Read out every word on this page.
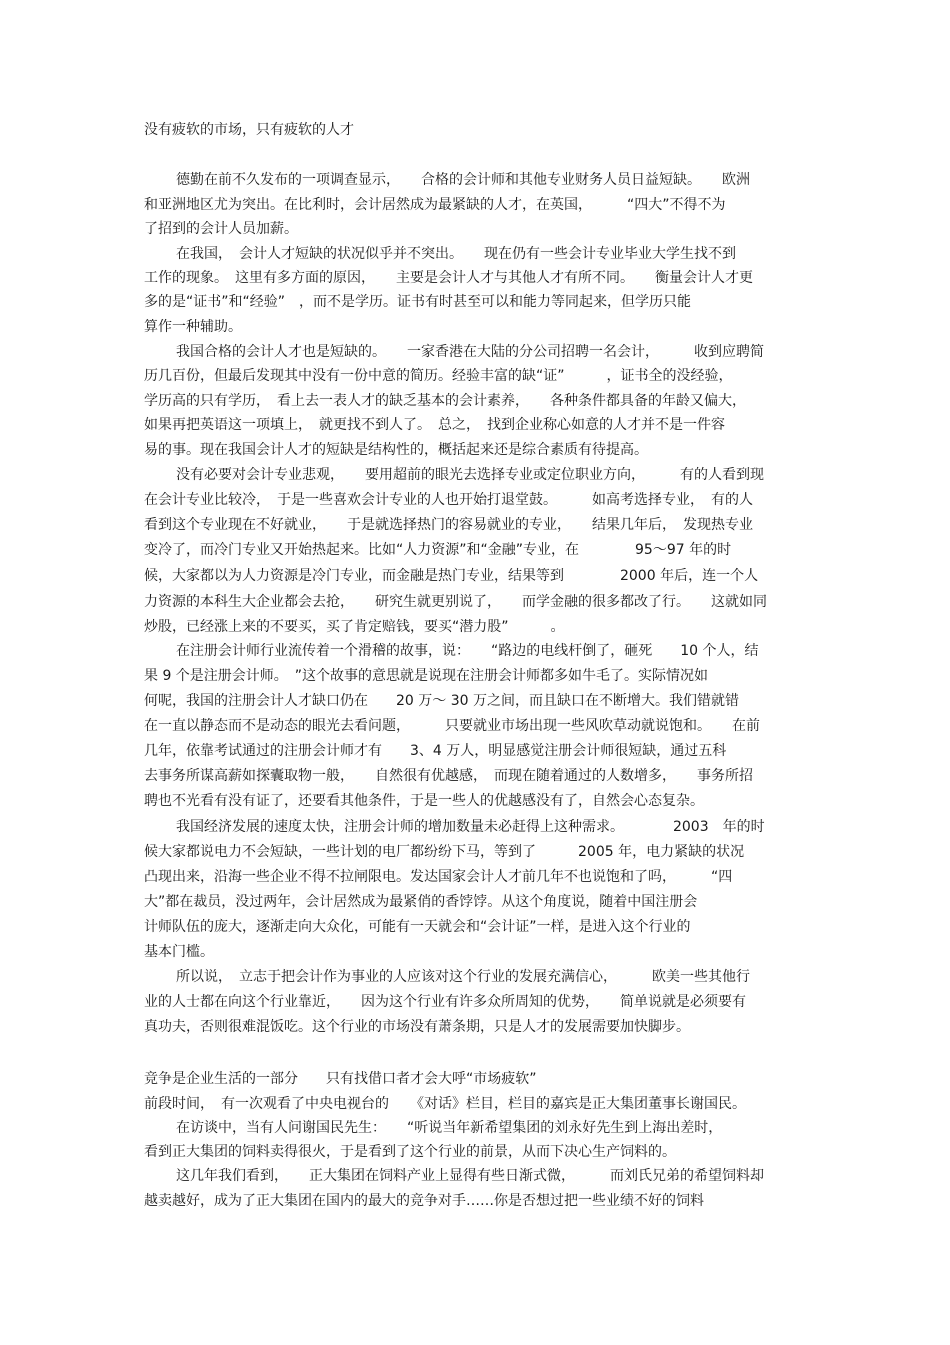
没有疲软的市场，只有疲软的人才
德勤在前不久发布的一项调查显示，　　合格的会计师和其他专业财务人员日益短缺。　　欧洲
和亚洲地区尤为突出。在比利时，会计居然成为最紧缺的人才，在英国，　　　“四大”不得不为
了招到的会计人员加薪。
在我国，　会计人才短缺的状况似乎并不突出。　　现在仍有一些会计专业毕业大学生找不到
工作的现象。　这里有多方面的原因，　　主要是会计人才与其他人才有所不同。　　衡量会计人才更
多的是“证书”和“经验”　，而不是学历。证书有时甚至可以和能力等同起来，但学历只能
算作一种辅助。
我国合格的会计人才也是短缺的。　　一家香港在大陆的分公司招聘一名会计，　　　收到应聘简
历几百份，但最后发现其中没有一份中意的简历。经验丰富的缺“证”　　　，证书全的没经验，
学历高的只有学历，　看上去一表人才的缺乏基本的会计素养，　　各种条件都具备的年龄又偏大，
如果再把英语这一项填上，　就更找不到人了。　总之，　找到企业称心如意的人才并不是一件容
易的事。现在我国会计人才的短缺是结构性的，概括起来还是综合素质有待提高。
没有必要对会计专业悲观，　　要用超前的眼光去选择专业或定位职业方向，　　　有的人看到现
在会计专业比较冷，　于是一些喜欢会计专业的人也开始打退堂鼓。　　　如高考选择专业，　有的人
看到这个专业现在不好就业，　　于是就选择热门的容易就业的专业，　　结果几年后，　发现热专业
变冷了，而冷门专业又开始热起来。比如“人力资源”和“金融”专业，在　　　　95～97 年的时
候，大家都以为人力资源是冷门专业，而金融是热门专业，结果等到　　　　2000 年后，连一个人
力资源的本科生大企业都会去抢，　　研究生就更别说了，　　而学金融的很多都改了行。　　这就如同
炒股，已经涨上来的不要买，买了肯定赔钱，要买“潜力股”　　　。
在注册会计师行业流传着一个滑稽的故事，说：　　“路边的电线杆倒了，砸死　　10 个人，结
果 9 个是注册会计师。　”这个故事的意思就是说现在注册会计师都多如牛毛了。实际情况如
何呢，我国的注册会计人才缺口仍在　　20 万～ 30 万之间，而且缺口在不断增大。我们错就错
在一直以静态而不是动态的眼光去看问题，　　　只要就业市场出现一些风吹草动就说饱和。　　在前
几年，依靠考试通过的注册会计师才有　　3、4 万人，明显感觉注册会计师很短缺，通过五科
去事务所谋高薪如探囊取物一般，　　自然很有优越感，　而现在随着通过的人数增多，　　事务所招
聘也不光看有没有证了，还要看其他条件，于是一些人的优越感没有了，自然会心态复杂。
我国经济发展的速度太快，注册会计师的增加数量未必赶得上这种需求。　　　　2003　年的时
候大家都说电力不会短缺，一些计划的电厂都纷纷下马，等到了　　　2005 年，电力紧缺的状况
凸现出来，沿海一些企业不得不拉闸限电。发达国家会计人才前几年不也说饱和了吗，　　　“四
大”都在裁员，没过两年，会计居然成为最紧俏的香饽饽。从这个角度说，随着中国注册会
计师队伍的庞大，逐渐走向大众化，可能有一天就会和“会计证”一样，是进入这个行业的
基本门槛。
所以说，　立志于把会计作为事业的人应该对这个行业的发展充满信心，　　　欧美一些其他行
业的人士都在向这个行业靠近，　　因为这个行业有许多众所周知的优势，　　简单说就是必须要有
真功夫，否则很难混饭吃。这个行业的市场没有萧条期，只是人才的发展需要加快脚步。
竞争是企业生活的一部分　　只有找借口者才会大呼“市场疲软”
前段时间，　有一次观看了中央电视台的　　《对话》栏目，栏目的嘉宾是正大集团董事长谢国民。
在访谈中，当有人问谢国民先生：　　“听说当年新希望集团的刘永好先生到上海出差时，
看到正大集团的饲料卖得很火，于是看到了这个行业的前景，从而下决心生产饲料的。
这几年我们看到，　　正大集团在饲料产业上显得有些日渐式微，　　　而刘氏兄弟的希望饲料却
越卖越好，成为了正大集团在国内的最大的竞争对手……你是否想过把一些业绩不好的饲料
